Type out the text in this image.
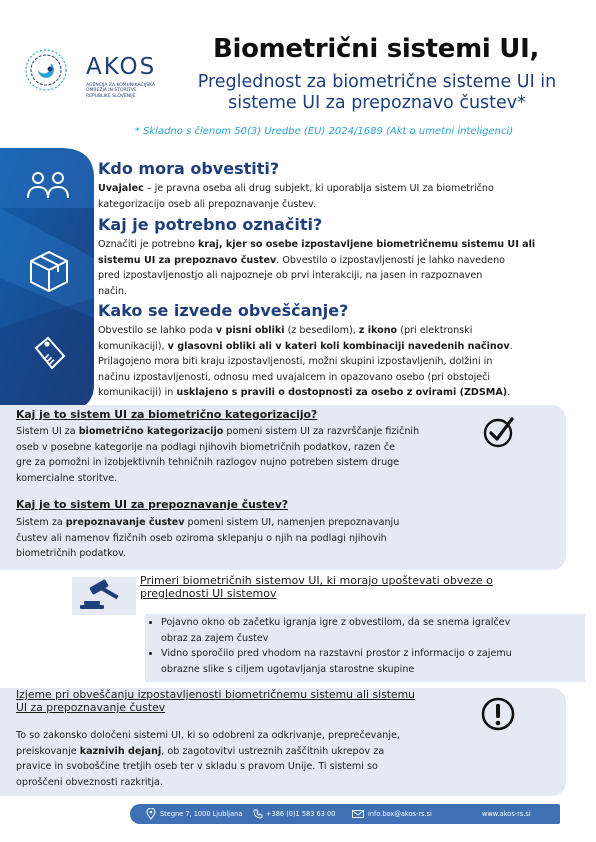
AKOS
AGENCIJA ZA KOMUNIKACIJSKA
OMREŽJA IN STORITVE
REPUBLIKE SLOVENIJE
Biometrični sistemi UI,
Preglednost za biometrične sisteme UI in
sisteme UI za prepoznavo čustev*
* Skladno s členom 50(3) Uredbe (EU) 2024/1689 (Akt o umetni inteligenci)
UI
Kdo mora obvestiti?
Uvajalec – je pravna oseba ali drug subjekt, ki uporablja sistem UI za biometrično
kategorizacijo oseb ali prepoznavanje čustev.
Kaj je potrebno označiti?
Označiti je potrebno kraj, kjer so osebe izpostavljene biometričnemu sistemu UI ali
sistemu UI za prepoznavo čustev. Obvestilo o izpostavljenosti je lahko navedeno
pred izpostavljenostjo ali najpozneje ob prvi interakciji, na jasen in razpoznaven
način.
Kako se izvede obveščanje?
Obvestilo se lahko poda v pisni obliki (z besedilom), z ikono (pri elektronski
komunikaciji), v glasovni obliki ali v kateri koli kombinaciji navedenih načinov.
Prilagojeno mora biti kraju izpostavljenosti, možni skupini izpostavljenih, dolžini in
načinu izpostavljenosti, odnosu med uvajalcem in opazovano osebo (pri obstoječi
komunikaciji) in usklajeno s pravili o dostopnosti za osebo z ovirami (ZDSMA).
Kaj je to sistem UI za biometrično kategorizacijo?
Sistem UI za biometrično kategorizacijo pomeni sistem UI za razvrščanje fizičnih
oseb v posebne kategorije na podlagi njihovih biometričnih podatkov, razen če
gre za pomožni in izobjektivnih tehničnih razlogov nujno potreben sistem druge
komercialne storitve.
Kaj je to sistem UI za prepoznavanje čustev?
Sistem za prepoznavanje čustev pomeni sistem UI, namenjen prepoznavanju
čustev ali namenov fizičnih oseb oziroma sklepanju o njih na podlagi njihovih
biometričnih podatkov.
Primeri biometričnih sistemov UI, ki morajo upoštevati obveze o
preglednosti UI sistemov
• Pojavno okno ob začetku igranja igre z obvestilom, da se snema igralčev
obraz za zajem čustev
• Vidno sporočilo pred vhodom na razstavni prostor z informacijo o zajemu
obrazne slike s ciljem ugotavljanja starostne skupine
Izjeme pri obveščanju izpostavljenosti biometričnemu sistemu ali sistemu
UI za prepoznavanje čustev
To so zakonsko določeni sistemi UI, ki so odobreni za odkrivanje, preprečevanje,
preiskovanje kaznivih dejanj, ob zagotovitvi ustreznih zaščitnih ukrepov za
pravice in svoboščine tretjih oseb ter v skladu s pravom Unije. Ti sistemi so
oproščeni obveznosti razkritja.
Stegne 7, 1000 Ljubljana	+386 (0)1 583 63 00	info.box@akos-rs.si	www.akos-rs.si
